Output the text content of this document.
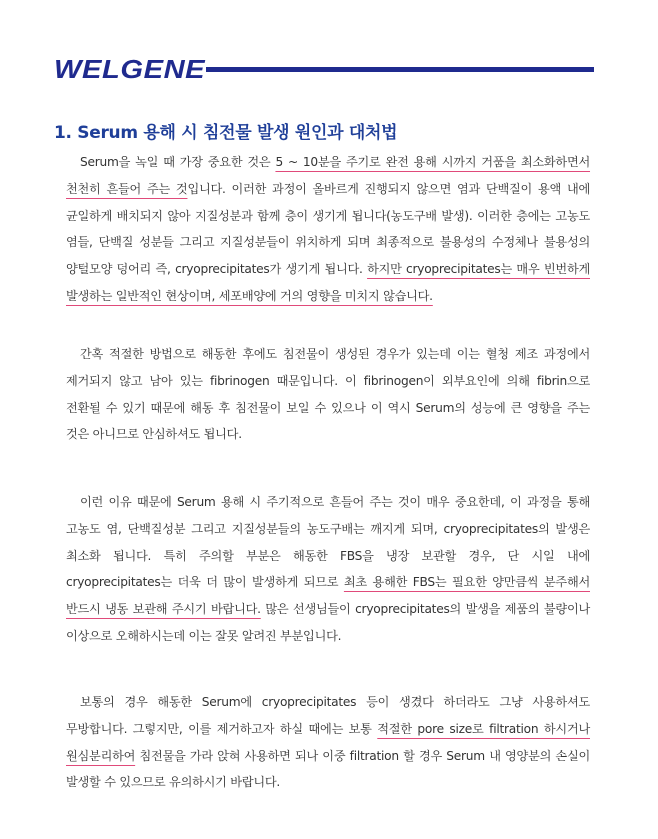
WELGENE
1. Serum 용해 시 침전물 발생 원인과 대처법
Serum을 녹일 때 가장 중요한 것은 5 ~ 10분을 주기로 완전 용해 시까지 거품을 최소화하면서 천천히 흔들어 주는 것입니다. 이러한 과정이 올바르게 진행되지 않으면 염과 단백질이 용액 내에 균일하게 배치되지 않아 지질성분과 함께 층이 생기게 됩니다(농도구배 발생). 이러한 층에는 고농도 염들, 단백질 성분들 그리고 지질성분들이 위치하게 되며 최종적으로 불용성의 수정체나 불용성의 양털모양 덩어리 즉, cryoprecipitates가 생기게 됩니다. 하지만 cryoprecipitates는 매우 빈번하게 발생하는 일반적인 현상이며, 세포배양에 거의 영향을 미치지 않습니다.
간혹 적절한 방법으로 해동한 후에도 침전물이 생성된 경우가 있는데 이는 혈청 제조 과정에서 제거되지 않고 남아 있는 fibrinogen 때문입니다. 이 fibrinogen이 외부요인에 의해 fibrin으로 전환될 수 있기 때문에 해동 후 침전물이 보일 수 있으나 이 역시 Serum의 성능에 큰 영향을 주는 것은 아니므로 안심하셔도 됩니다.
이런 이유 때문에 Serum 용해 시 주기적으로 흔들어 주는 것이 매우 중요한데, 이 과정을 통해 고농도 염, 단백질성분 그리고 지질성분들의 농도구배는 깨지게 되며, cryoprecipitates의 발생은 최소화 됩니다. 특히 주의할 부분은 해동한 FBS을 냉장 보관할 경우, 단 시일 내에 cryoprecipitates는 더욱 더 많이 발생하게 되므로 최초 용해한 FBS는 필요한 양만큼씩 분주해서 반드시 냉동 보관해 주시기 바랍니다. 많은 선생님들이 cryoprecipitates의 발생을 제품의 불량이나 이상으로 오해하시는데 이는 잘못 알려진 부분입니다.
보통의 경우 해동한 Serum에 cryoprecipitates 등이 생겼다 하더라도 그냥 사용하셔도 무방합니다. 그렇지만, 이를 제거하고자 하실 때에는 보통 적절한 pore size로 filtration 하시거나 원심분리하여 침전물을 가라 앉혀 사용하면 되나 이중 filtration 할 경우 Serum 내 영양분의 손실이 발생할 수 있으므로 유의하시기 바랍니다.
